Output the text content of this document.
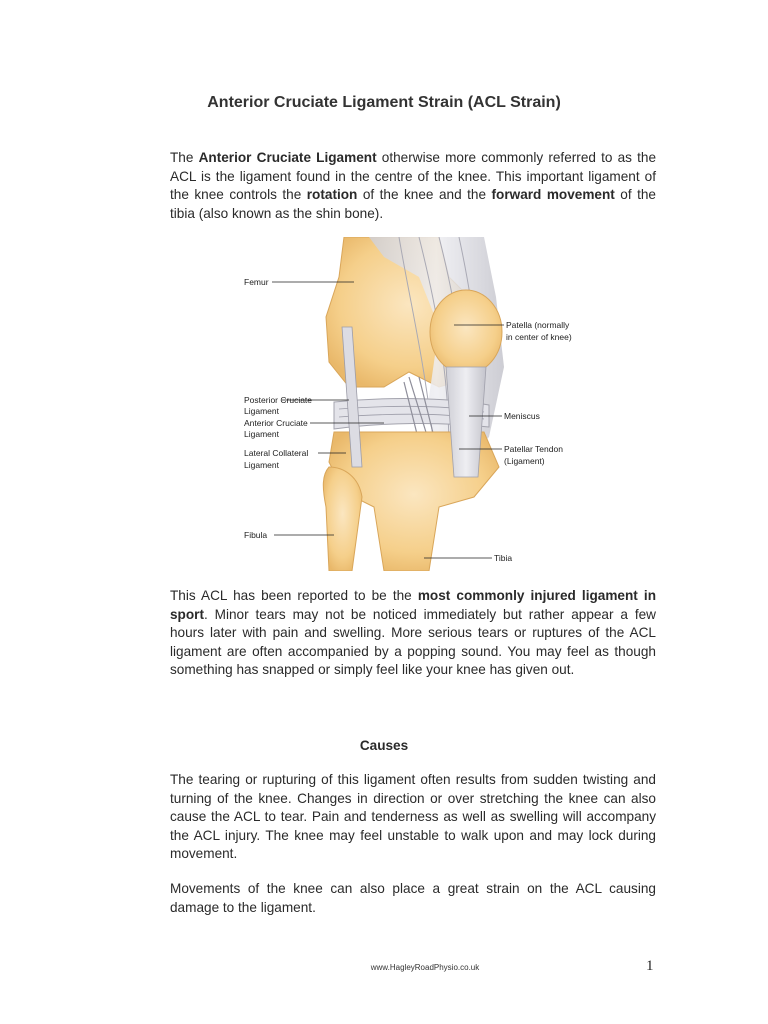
Anterior Cruciate Ligament Strain (ACL Strain)
The Anterior Cruciate Ligament otherwise more commonly referred to as the ACL is the ligament found in the centre of the knee. This important ligament of the knee controls the rotation of the knee and the forward movement of the tibia (also known as the shin bone).
Femur
Posterior Cruciate
Ligament
Anterior Cruciate
Ligament
Lateral Collateral
Ligament
Fibula
Patella (normally
in center of knee)
Meniscus
Patellar Tendon
(Ligament)
Tibia
This ACL has been reported to be the most commonly injured ligament in sport. Minor tears may not be noticed immediately but rather appear a few hours later with pain and swelling. More serious tears or ruptures of the ACL ligament are often accompanied by a popping sound. You may feel as though something has snapped or simply feel like your knee has given out.
Causes
The tearing or rupturing of this ligament often results from sudden twisting and turning of the knee. Changes in direction or over stretching the knee can also cause the ACL to tear. Pain and tenderness as well as swelling will accompany the ACL injury. The knee may feel unstable to walk upon and may lock during movement.
Movements of the knee can also place a great strain on the ACL causing damage to the ligament.
www.HagleyRoadPhysio.co.uk	1
